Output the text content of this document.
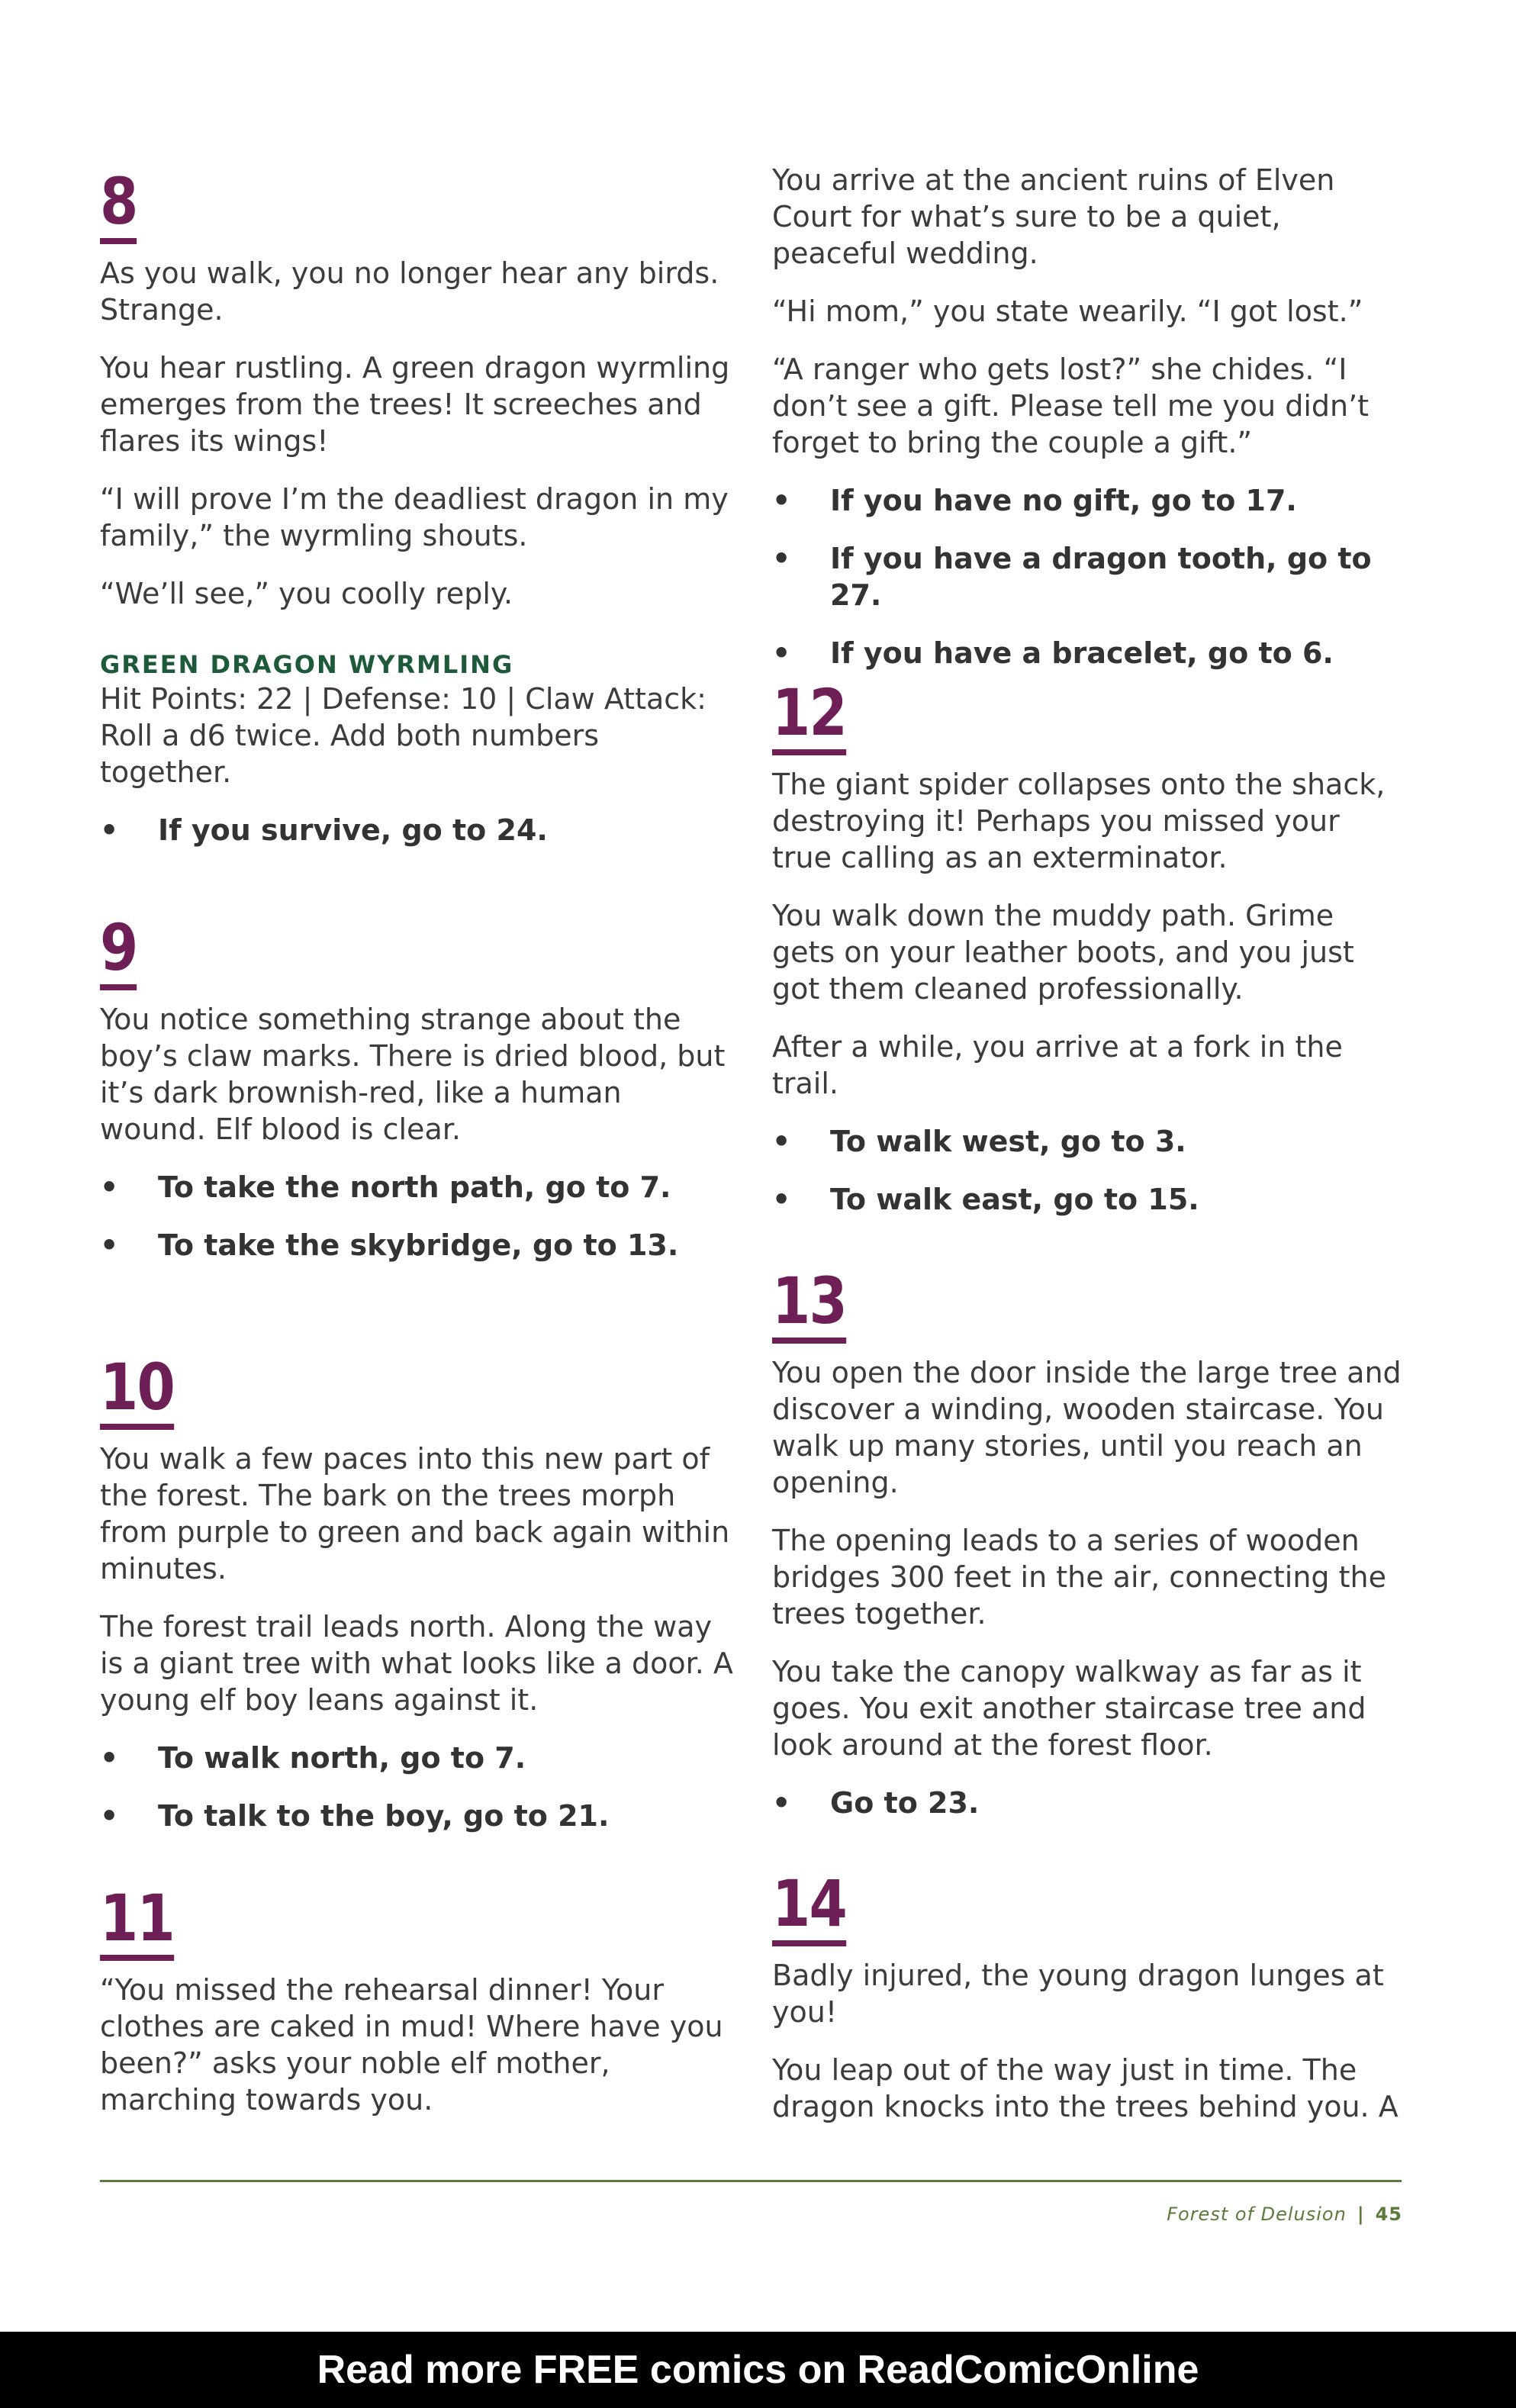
8

As you walk, you no longer hear any birds. Strange.

You hear rustling. A green dragon wyrmling emerges from the trees! It screeches and flares its wings!

“I will prove I’m the deadliest dragon in my family,” the wyrmling shouts.

“We’ll see,” you coolly reply.

GREEN DRAGON WYRMLING

Hit Points: 22 | Defense: 10 | Claw Attack: Roll a d6 twice. Add both numbers together.

• If you survive, go to 24.
9

You notice something strange about the boy’s claw marks. There is dried blood, but it’s dark brownish-red, like a human wound. Elf blood is clear.

• To take the north path, go to 7.
• To take the skybridge, go to 13.
10

You walk a few paces into this new part of the forest. The bark on the trees morph from purple to green and back again within minutes.

The forest trail leads north. Along the way is a giant tree with what looks like a door. A young elf boy leans against it.

• To walk north, go to 7.
• To talk to the boy, go to 21.
11

“You missed the rehearsal dinner! Your clothes are caked in mud! Where have you been?” asks your noble elf mother, marching towards you.

You arrive at the ancient ruins of Elven Court for what’s sure to be a quiet, peaceful wedding.

“Hi mom,” you state wearily. “I got lost.”

“A ranger who gets lost?” she chides. “I don’t see a gift. Please tell me you didn’t forget to bring the couple a gift.”

• If you have no gift, go to 17.
• If you have a dragon tooth, go to 27.
• If you have a bracelet, go to 6.
12

The giant spider collapses onto the shack, destroying it! Perhaps you missed your true calling as an exterminator.

You walk down the muddy path. Grime gets on your leather boots, and you just got them cleaned professionally.

After a while, you arrive at a fork in the trail.

• To walk west, go to 3.
• To walk east, go to 15.
13

You open the door inside the large tree and discover a winding, wooden staircase. You walk up many stories, until you reach an opening.

The opening leads to a series of wooden bridges 300 feet in the air, connecting the trees together.

You take the canopy walkway as far as it goes. You exit another staircase tree and look around at the forest floor.

• Go to 23.
14

Badly injured, the young dragon lunges at you!

You leap out of the way just in time. The dragon knocks into the trees behind you. A

Forest of Delusion | 45
Read more FREE comics on ReadComicOnline
